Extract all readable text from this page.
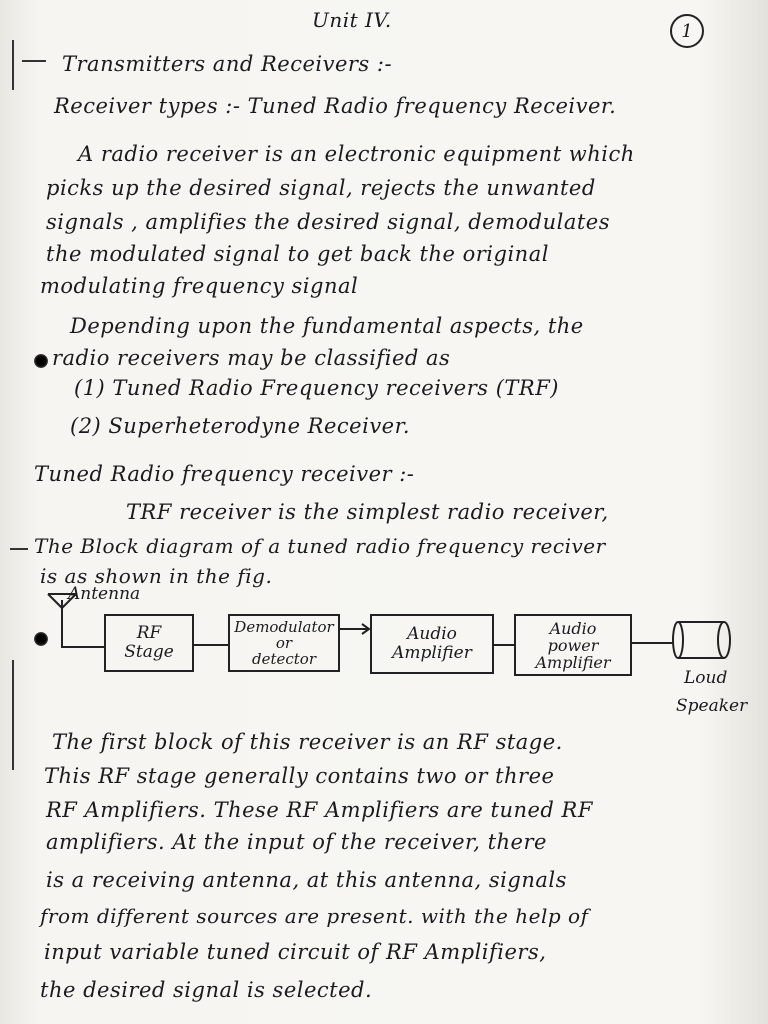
Unit IV.	1
Transmitters and Receivers :-
Receiver types :- Tuned Radio frequency Receiver.
A radio receiver is an electronic equipment which
picks up the desired signal, rejects the unwanted
signals , amplifies the desired signal, demodulates
the modulated signal to get back the original
modulating frequency signal
Depending upon the fundamental aspects, the
radio receivers may be classified as
(1) Tuned Radio Frequency receivers (TRF)
(2) Superheterodyne Receiver.
Tuned Radio frequency receiver :-
TRF receiver is the simplest radio receiver,
The Block diagram of a tuned radio frequency reciver
is as shown in the fig.
Antenna
RF
Stage
Demodulator
or
detector
Audio
Amplifier
Audio
power
Amplifier
Loud
Speaker
The first block of this receiver is an RF stage.
This RF stage generally contains two or three
RF Amplifiers. These RF Amplifiers are tuned RF
amplifiers. At the input of the receiver, there
is a receiving antenna, at this antenna, signals
from different sources are present. with the help of
input variable tuned circuit of RF Amplifiers,
the desired signal is selected.
